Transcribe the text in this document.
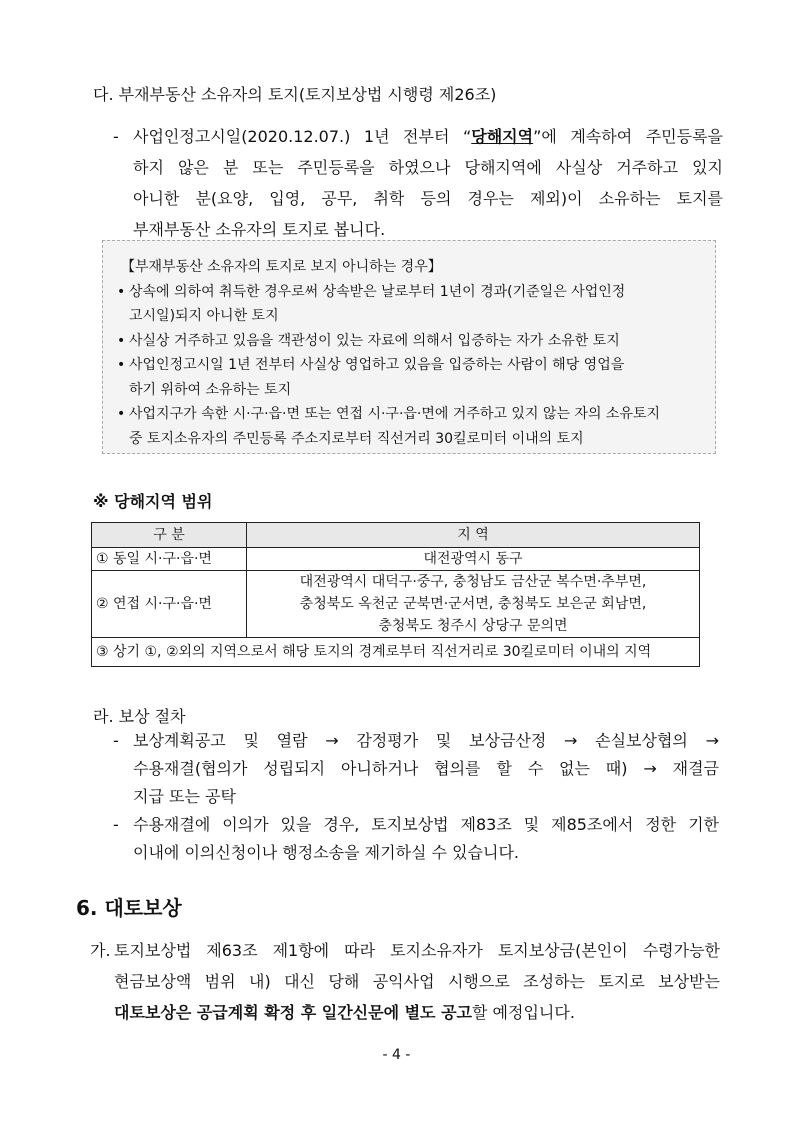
다. 부재부동산 소유자의 토지(토지보상법 시행령 제26조)
- 사업인정고시일(2020.12.07.) 1년 전부터 “당해지역”에 계속하여 주민등록을
하지 않은 분 또는 주민등록을 하였으나 당해지역에 사실상 거주하고 있지
아니한 분(요양, 입영, 공무, 취학 등의 경우는 제외)이 소유하는 토지를
부재부동산 소유자의 토지로 봅니다.
【부재부동산 소유자의 토지로 보지 아니하는 경우】
• 상속에 의하여 취득한 경우로써 상속받은 날로부터 1년이 경과(기준일은 사업인정
고시일)되지 아니한 토지
• 사실상 거주하고 있음을 객관성이 있는 자료에 의해서 입증하는 자가 소유한 토지
• 사업인정고시일 1년 전부터 사실상 영업하고 있음을 입증하는 사람이 해당 영업을
하기 위하여 소유하는 토지
• 사업지구가 속한 시·구·읍·면 또는 연접 시·구·읍·면에 거주하고 있지 않는 자의 소유토지
중 토지소유자의 주민등록 주소지로부터 직선거리 30킬로미터 이내의 토지
※ 당해지역 범위
구 분	지 역
① 동일 시·구·읍·면	대전광역시 동구
② 연접 시·구·읍·면	대전광역시 대덕구·중구, 충청남도 금산군 복수면·추부면,
충청북도 옥천군 군북면·군서면, 충청북도 보은군 회남면,
충청북도 청주시 상당구 문의면

③ 상기 ①, ②외의 지역으로서 해당 토지의 경계로부터 직선거리로 30킬로미터 이내의 지역	
라. 보상 절차
- 보상계획공고 및 열람 → 감정평가 및 보상금산정 → 손실보상협의 →
수용재결(협의가 성립되지 아니하거나 협의를 할 수 없는 때) → 재결금
지급 또는 공탁
- 수용재결에 이의가 있을 경우, 토지보상법 제83조 및 제85조에서 정한 기한
이내에 이의신청이나 행정소송을 제기하실 수 있습니다.
6. 대토보상
가. 토지보상법 제63조 제1항에 따라 토지소유자가 토지보상금(본인이 수령가능한
현금보상액 범위 내) 대신 당해 공익사업 시행으로 조성하는 토지로 보상받는
대토보상은 공급계획 확정 후 일간신문에 별도 공고할 예정입니다.
- 4 -
